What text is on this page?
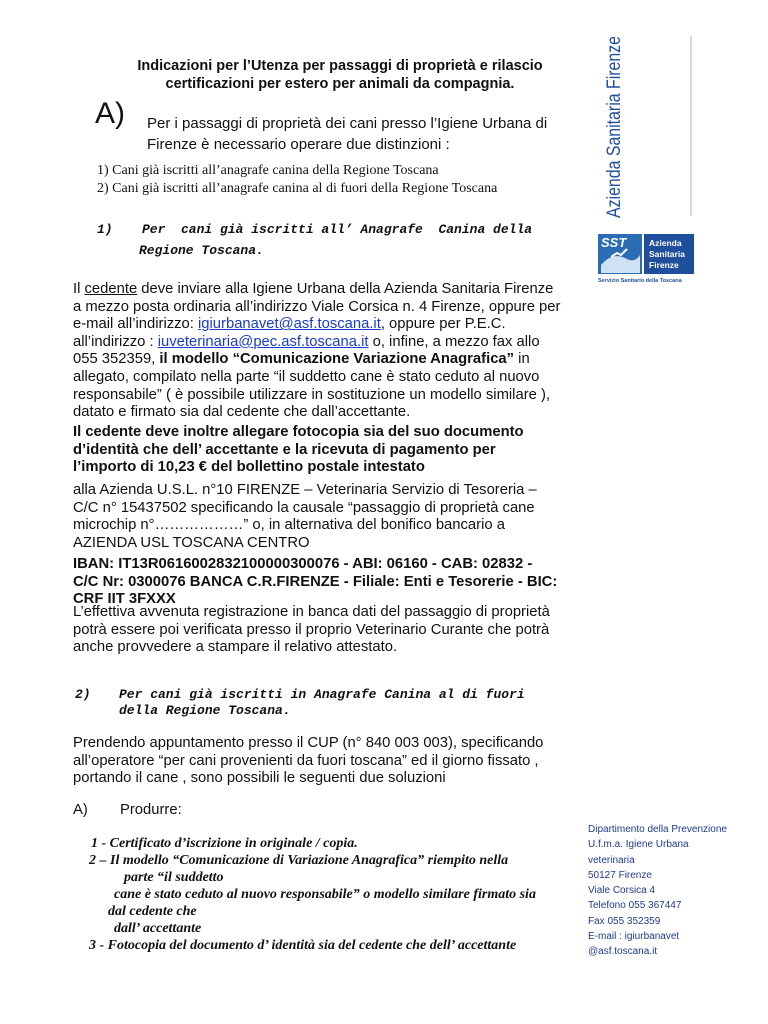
Indicazioni per l’Utenza per passaggi di proprietà e rilascio
certificazioni per estero per animali da compagnia.	Azienda Sanitaria Firenze
SST	Azienda
Sanitaria
Firenze
Servizio Sanitario della Toscana
A) Per i passaggi di proprietà dei cani presso l’Igiene Urbana di
Firenze è necessario operare due distinzioni :
1) Cani già iscritti all’anagrafe canina della Regione Toscana
2) Cani già iscritti all’anagrafe canina al di fuori della Regione Toscana
1) Per  cani già iscritti all’ Anagrafe  Canina della
Regione Toscana.
Il cedente deve inviare alla Igiene Urbana della Azienda Sanitaria Firenze
a mezzo posta ordinaria all’indirizzo Viale Corsica n. 4 Firenze, oppure per
e-mail all’indirizzo: igiurbanavet@asf.toscana.it, oppure per P.E.C.
all’indirizzo : iuveterinaria@pec.asf.toscana.it o, infine, a mezzo fax allo
055 352359, il modello “Comunicazione Variazione Anagrafica” in
allegato, compilato nella parte “il suddetto cane è stato ceduto al nuovo
responsabile” ( è possibile utilizzare in sostituzione un modello similare ),
datato e firmato sia dal cedente che dall’accettante.
Il cedente deve inoltre allegare fotocopia sia del suo documento
d’identità che dell’ accettante e la ricevuta di pagamento per
l’importo di 10,23 € del bollettino postale intestato
alla Azienda U.S.L. n°10 FIRENZE – Veterinaria Servizio di Tesoreria –
C/C n° 15437502 specificando la causale “passaggio di proprietà cane
microchip n°………………” o, in alternativa del bonifico bancario a
AZIENDA USL TOSCANA CENTRO
IBAN: IT13R0616002832100000300076 - ABI: 06160 - CAB: 02832 -
C/C Nr: 0300076 BANCA C.R.FIRENZE - Filiale: Enti e Tesorerie - BIC:
CRF IIT 3FXXX
L’effettiva avvenuta registrazione in banca dati del passaggio di proprietà
potrà essere poi verificata presso il proprio Veterinario Curante che potrà
anche provvedere a stampare il relativo attestato.
2) Per cani già iscritti in Anagrafe Canina al di fuori
della Regione Toscana.
Prendendo appuntamento presso il CUP (n° 840 003 003), specificando
all’operatore “per cani provenienti da fuori toscana” ed il giorno fissato ,
portando il cane , sono possibili le seguenti due soluzioni
A)	Produrre:
1 - Certificato d’iscrizione in originale / copia.
2 – Il modello “Comunicazione di Variazione Anagrafica” riempito nella
parte “il suddetto
cane è stato ceduto al nuovo responsabile” o modello similare firmato sia
dal cedente che
dall’ accettante
3 - Fotocopia del documento d’ identità sia del cedente che dell’ accettante
Dipartimento della Prevenzione
U.f.m.a. Igiene Urbana
veterinaria
50127 Firenze
Viale Corsica 4
Telefono 055 367447
Fax 055 352359
E-mail : igiurbanavet
@asf.toscana.it
